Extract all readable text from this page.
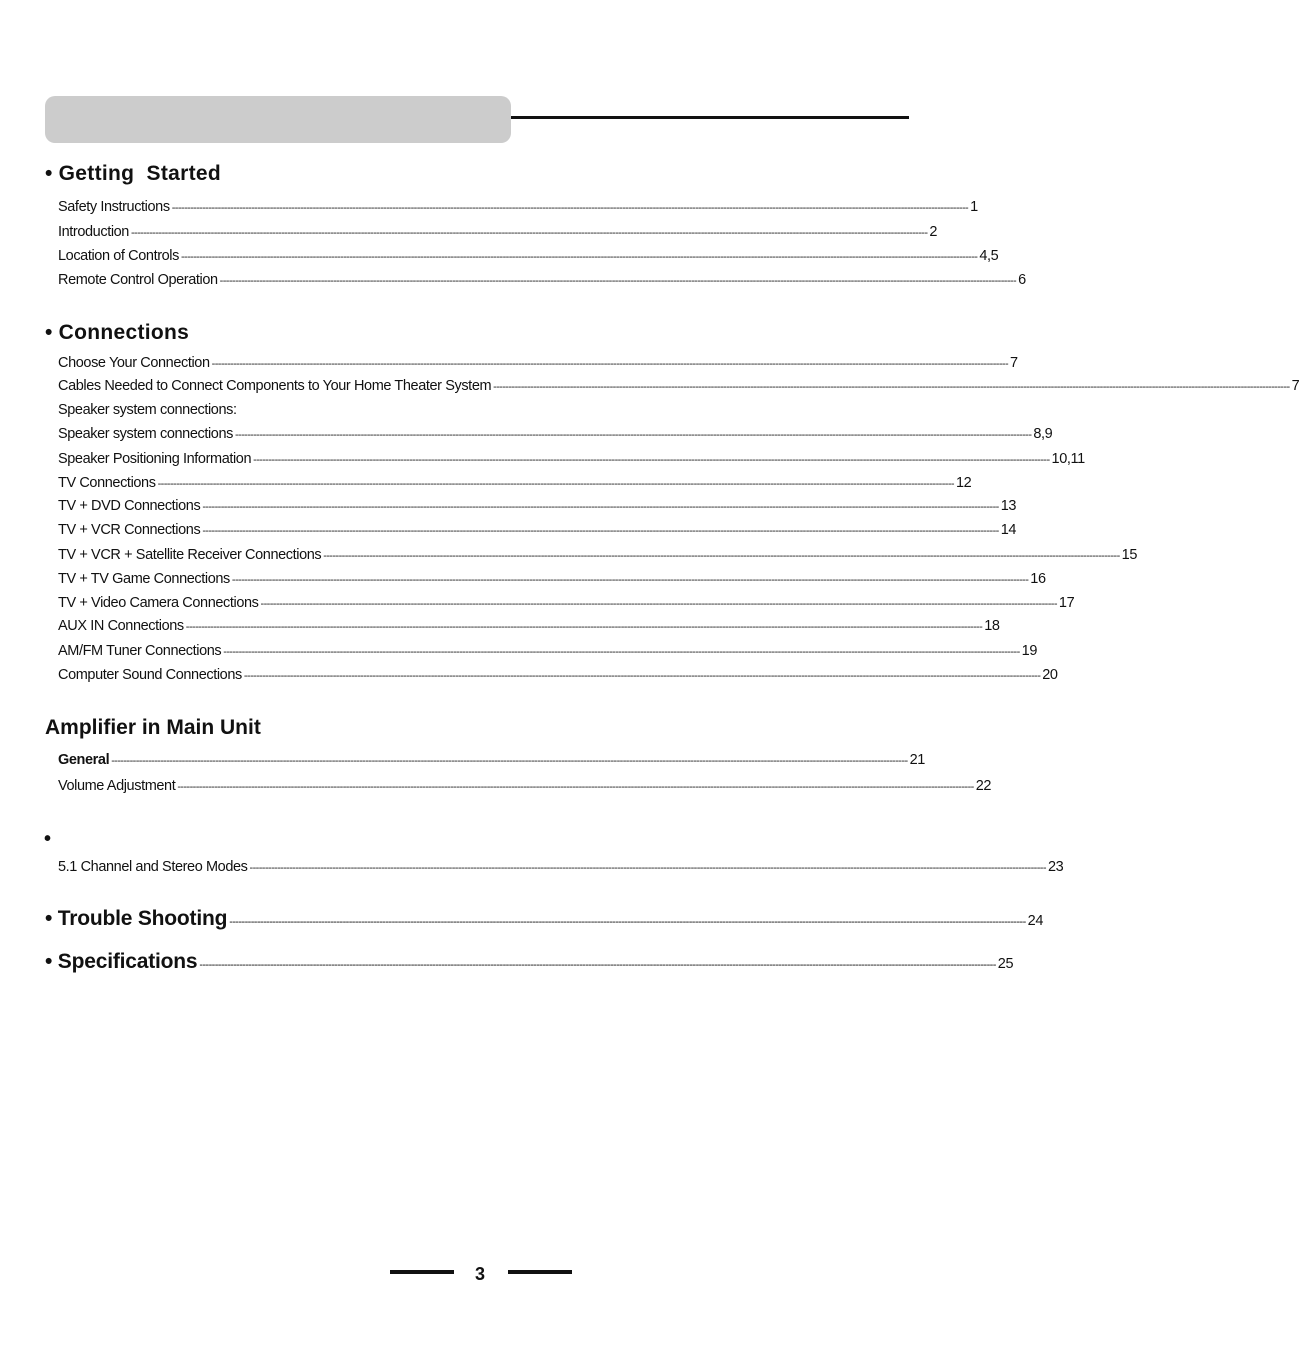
• Getting  Started
Safety Instructions -------------------------------------------------------------------------------------------------------------------------------------------------------------------------------------------------------------------------------------------------------------------- 1
Introduction -------------------------------------------------------------------------------------------------------------------------------------------------------------------------------------------------------------------------------------------------------------------- 2
Location of Controls -------------------------------------------------------------------------------------------------------------------------------------------------------------------------------------------------------------------------------------------------------------------- 4,5
Remote Control Operation -------------------------------------------------------------------------------------------------------------------------------------------------------------------------------------------------------------------------------------------------------------------- 6
• Connections
Choose Your Connection -------------------------------------------------------------------------------------------------------------------------------------------------------------------------------------------------------------------------------------------------------------------- 7
Cables Needed to Connect Components to Your Home Theater System -------------------------------------------------------------------------------------------------------------------------------------------------------------------------------------------------------------------------------------------------------------------- 7
Speaker system connections:
Speaker system connections -------------------------------------------------------------------------------------------------------------------------------------------------------------------------------------------------------------------------------------------------------------------- 8,9
Speaker Positioning Information -------------------------------------------------------------------------------------------------------------------------------------------------------------------------------------------------------------------------------------------------------------------- 10,11
TV Connections -------------------------------------------------------------------------------------------------------------------------------------------------------------------------------------------------------------------------------------------------------------------- 12
TV + DVD Connections -------------------------------------------------------------------------------------------------------------------------------------------------------------------------------------------------------------------------------------------------------------------- 13
TV + VCR Connections -------------------------------------------------------------------------------------------------------------------------------------------------------------------------------------------------------------------------------------------------------------------- 14
TV + VCR + Satellite Receiver Connections -------------------------------------------------------------------------------------------------------------------------------------------------------------------------------------------------------------------------------------------------------------------- 15
TV + TV Game Connections -------------------------------------------------------------------------------------------------------------------------------------------------------------------------------------------------------------------------------------------------------------------- 16
TV + Video Camera Connections -------------------------------------------------------------------------------------------------------------------------------------------------------------------------------------------------------------------------------------------------------------------- 17
AUX IN Connections -------------------------------------------------------------------------------------------------------------------------------------------------------------------------------------------------------------------------------------------------------------------- 18
AM/FM Tuner Connections -------------------------------------------------------------------------------------------------------------------------------------------------------------------------------------------------------------------------------------------------------------------- 19
Computer Sound Connections -------------------------------------------------------------------------------------------------------------------------------------------------------------------------------------------------------------------------------------------------------------------- 20
Amplifier in Main Unit
General -------------------------------------------------------------------------------------------------------------------------------------------------------------------------------------------------------------------------------------------------------------------- 21
Volume Adjustment -------------------------------------------------------------------------------------------------------------------------------------------------------------------------------------------------------------------------------------------------------------------- 22
•
5.1 Channel and Stereo Modes -------------------------------------------------------------------------------------------------------------------------------------------------------------------------------------------------------------------------------------------------------------------- 23
• Trouble Shooting -------------------------------------------------------------------------------------------------------------------------------------------------------------------------------------------------------------------------------------------------------------------- 24
• Specifications -------------------------------------------------------------------------------------------------------------------------------------------------------------------------------------------------------------------------------------------------------------------- 25
3
